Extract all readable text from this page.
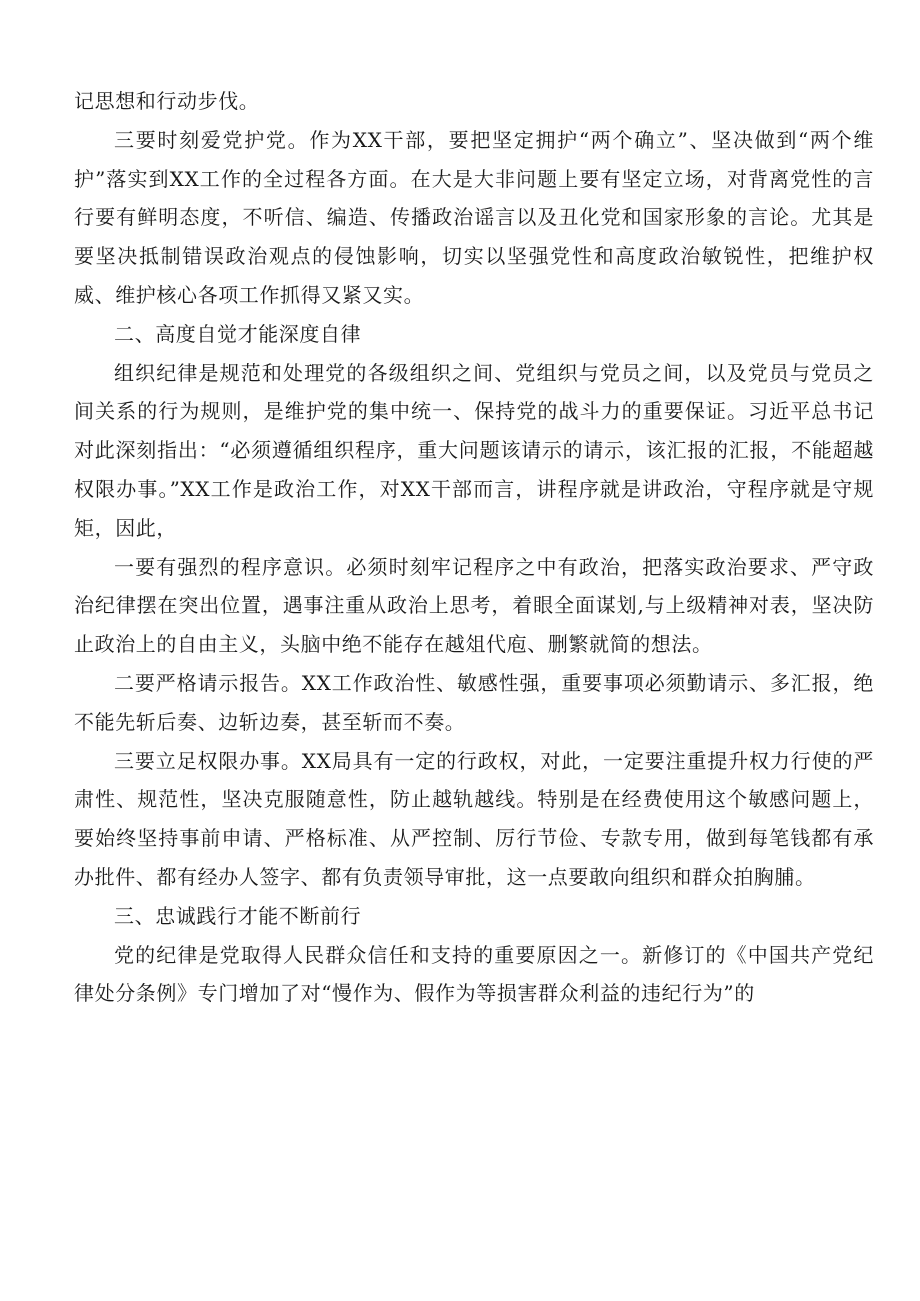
记思想和行动步伐。

三要时刻爱党护党。作为XX干部，要把坚定拥护“两个确立”、坚决做到“两个维护”落实到XX工作的全过程各方面。在大是大非问题上要有坚定立场，对背离党性的言行要有鲜明态度，不听信、编造、传播政治谣言以及丑化党和国家形象的言论。尤其是要坚决抵制错误政治观点的侵蚀影响，切实以坚强党性和高度政治敏锐性，把维护权威、维护核心各项工作抓得又紧又实。

二、高度自觉才能深度自律

组织纪律是规范和处理党的各级组织之间、党组织与党员之间，以及党员与党员之间关系的行为规则，是维护党的集中统一、保持党的战斗力的重要保证。习近平总书记对此深刻指出：“必须遵循组织程序，重大问题该请示的请示，该汇报的汇报，不能超越权限办事。”XX工作是政治工作，对XX干部而言，讲程序就是讲政治，守程序就是守规矩，因此，

一要有强烈的程序意识。必须时刻牢记程序之中有政治，把落实政治要求、严守政治纪律摆在突出位置，遇事注重从政治上思考，着眼全面谋划,与上级精神对表，坚决防止政治上的自由主义，头脑中绝不能存在越俎代庖、删繁就简的想法。

二要严格请示报告。XX工作政治性、敏感性强，重要事项必须勤请示、多汇报，绝不能先斩后奏、边斩边奏，甚至斩而不奏。

三要立足权限办事。XX局具有一定的行政权，对此，一定要注重提升权力行使的严肃性、规范性，坚决克服随意性，防止越轨越线。特别是在经费使用这个敏感问题上，要始终坚持事前申请、严格标准、从严控制、厉行节俭、专款专用，做到每笔钱都有承办批件、都有经办人签字、都有负责领导审批，这一点要敢向组织和群众拍胸脯。

三、忠诚践行才能不断前行

党的纪律是党取得人民群众信任和支持的重要原因之一。新修订的《中国共产党纪律处分条例》专门增加了对“慢作为、假作为等损害群众利益的违纪行为”的
